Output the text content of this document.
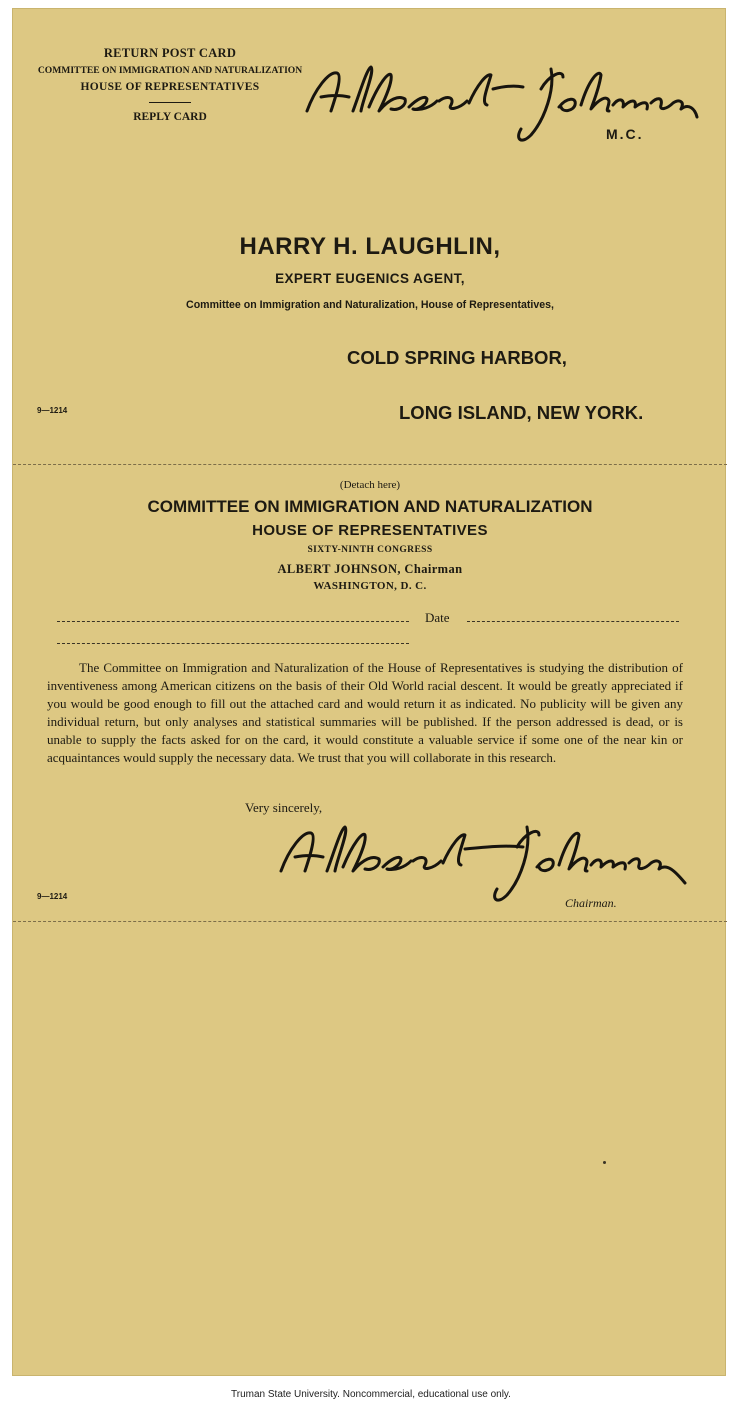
RETURN POST CARD
COMMITTEE ON IMMIGRATION AND NATURALIZATION
HOUSE OF REPRESENTATIVES
REPLY CARD
Albert Johnson
M.C.
HARRY H. LAUGHLIN,
EXPERT EUGENICS AGENT,
Committee on Immigration and Naturalization, House of Representatives,
COLD SPRING HARBOR,
9—1214	LONG ISLAND, NEW YORK.
(Detach here)
COMMITTEE ON IMMIGRATION AND NATURALIZATION
HOUSE OF REPRESENTATIVES
SIXTY-NINTH CONGRESS
ALBERT JOHNSON, Chairman
WASHINGTON, D. C.
Date
The Committee on Immigration and Naturalization of the House of Representatives is studying the distribution of inventiveness among American citizens on the basis of their Old World racial descent. It would be greatly appreciated if you would be good enough to fill out the attached card and would return it as indicated. No publicity will be given any individual return, but only analyses and statistical summaries will be published. If the person addressed is dead, or is unable to supply the facts asked for on the card, it would constitute a valuable service if some one of the near kin or acquaintances would supply the necessary data. We trust that you will collaborate in this research.
Very sincerely,
Albert Johnson
9—1214	Chairman.
Truman State University. Noncommercial, educational use only.
